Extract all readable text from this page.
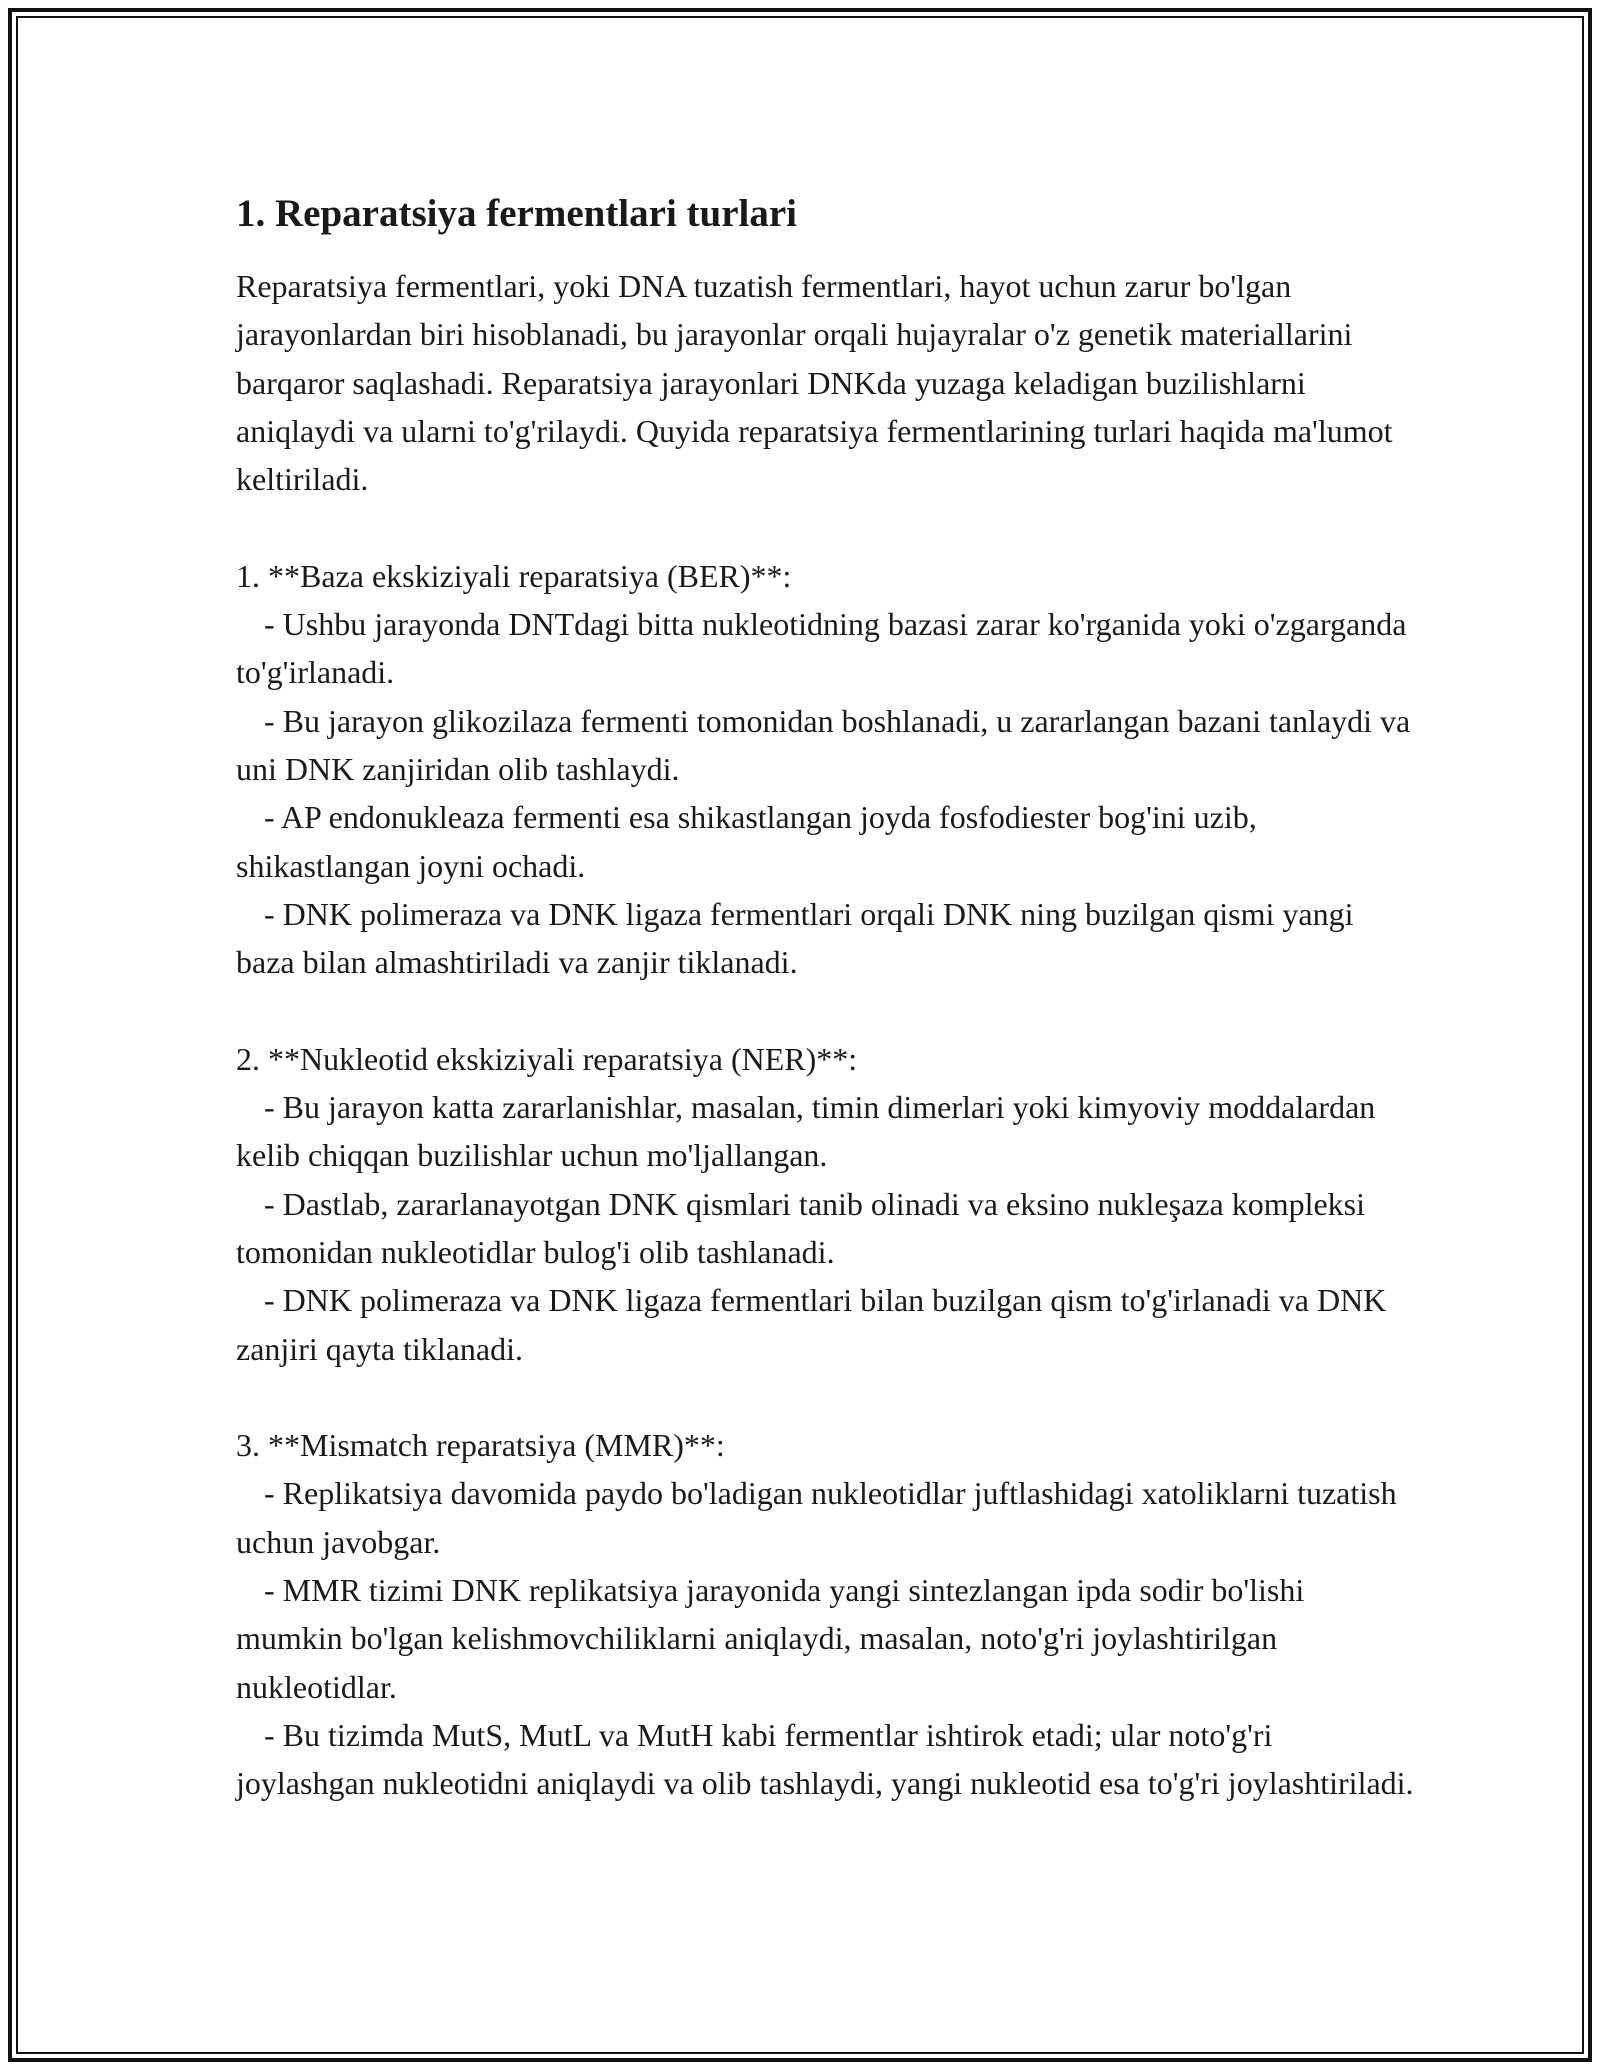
1. Reparatsiya fermentlari turlari

Reparatsiya fermentlari, yoki DNA tuzatish fermentlari, hayot uchun zarur bo'lgan jarayonlardan biri hisoblanadi, bu jarayonlar orqali hujayralar o'z genetik materiallarini barqaror saqlashadi. Reparatsiya jarayonlari DNKda yuzaga keladigan buzilishlarni aniqlaydi va ularni to'g'rilaydi. Quyida reparatsiya fermentlarining turlari haqida ma'lumot keltiriladi.

1. **Baza ekskiziyali reparatsiya (BER)**:

- Ushbu jarayonda DNTdagi bitta nukleotidning bazasi zarar ko'rganida yoki o'zgarganda to'g'irlanadi.

- Bu jarayon glikozilaza fermenti tomonidan boshlanadi, u zararlangan bazani tanlaydi va uni DNK zanjiridan olib tashlaydi.

- AP endonukleaza fermenti esa shikastlangan joyda fosfodiester bog'ini uzib, shikastlangan joyni ochadi.

- DNK polimeraza va DNK ligaza fermentlari orqali DNK ning buzilgan qismi yangi baza bilan almashtiriladi va zanjir tiklanadi.

2. **Nukleotid ekskiziyali reparatsiya (NER)**:

- Bu jarayon katta zararlanishlar, masalan, timin dimerlari yoki kimyoviy moddalardan kelib chiqqan buzilishlar uchun mo'ljallangan.

- Dastlab, zararlanayotgan DNK qismlari tanib olinadi va eksino nukleşaza kompleksi tomonidan nukleotidlar bulog'i olib tashlanadi.

- DNK polimeraza va DNK ligaza fermentlari bilan buzilgan qism to'g'irlanadi va DNK zanjiri qayta tiklanadi.

3. **Mismatch reparatsiya (MMR)**:

- Replikatsiya davomida paydo bo'ladigan nukleotidlar juftlashidagi xatoliklarni tuzatish uchun javobgar.

- MMR tizimi DNK replikatsiya jarayonida yangi sintezlangan ipda sodir bo'lishi mumkin bo'lgan kelishmovchiliklarni aniqlaydi, masalan, noto'g'ri joylashtirilgan nukleotidlar.

- Bu tizimda MutS, MutL va MutH kabi fermentlar ishtirok etadi; ular noto'g'ri joylashgan nukleotidni aniqlaydi va olib tashlaydi, yangi nukleotid esa to'g'ri joylashtiriladi.
